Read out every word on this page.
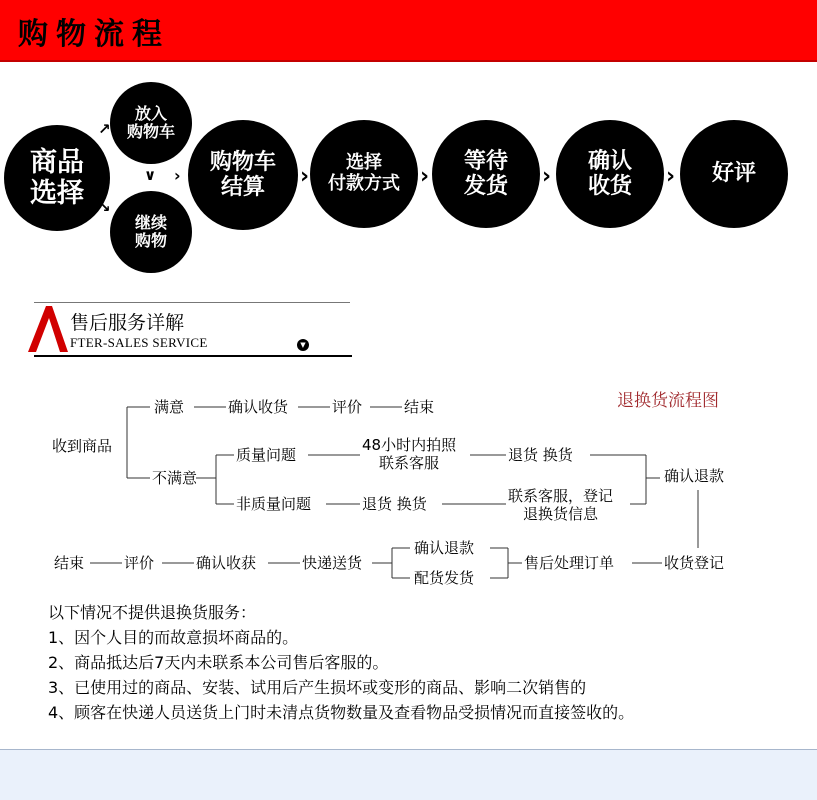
购物流程
商品
选择
放入
购物车
继续
购物
购物车
结算
选择
付款方式
等待
发货
确认
收货
好评
↗
↘
∨ ›	›	›	›	›
售后服务详解
FTER-SALES SERVICE	▼
退换货流程图
收到商品
满意	确认收货	评价	结束
不满意
质量问题
48小时内拍照
联系客服	退货 换货
非质量问题	退货 换货	联系客服，登记
退换货信息
确认退款
收货登记
售后处理订单
确认退款
配货发货
快递送货
确认收获
评价
结束
以下情况不提供退换货服务：
1、因个人目的而故意损坏商品的。
2、商品抵达后7天内未联系本公司售后客服的。
3、已使用过的商品、安装、试用后产生损坏或变形的商品、影响二次销售的
4、顾客在快递人员送货上门时未清点货物数量及查看物品受损情况而直接签收的。
